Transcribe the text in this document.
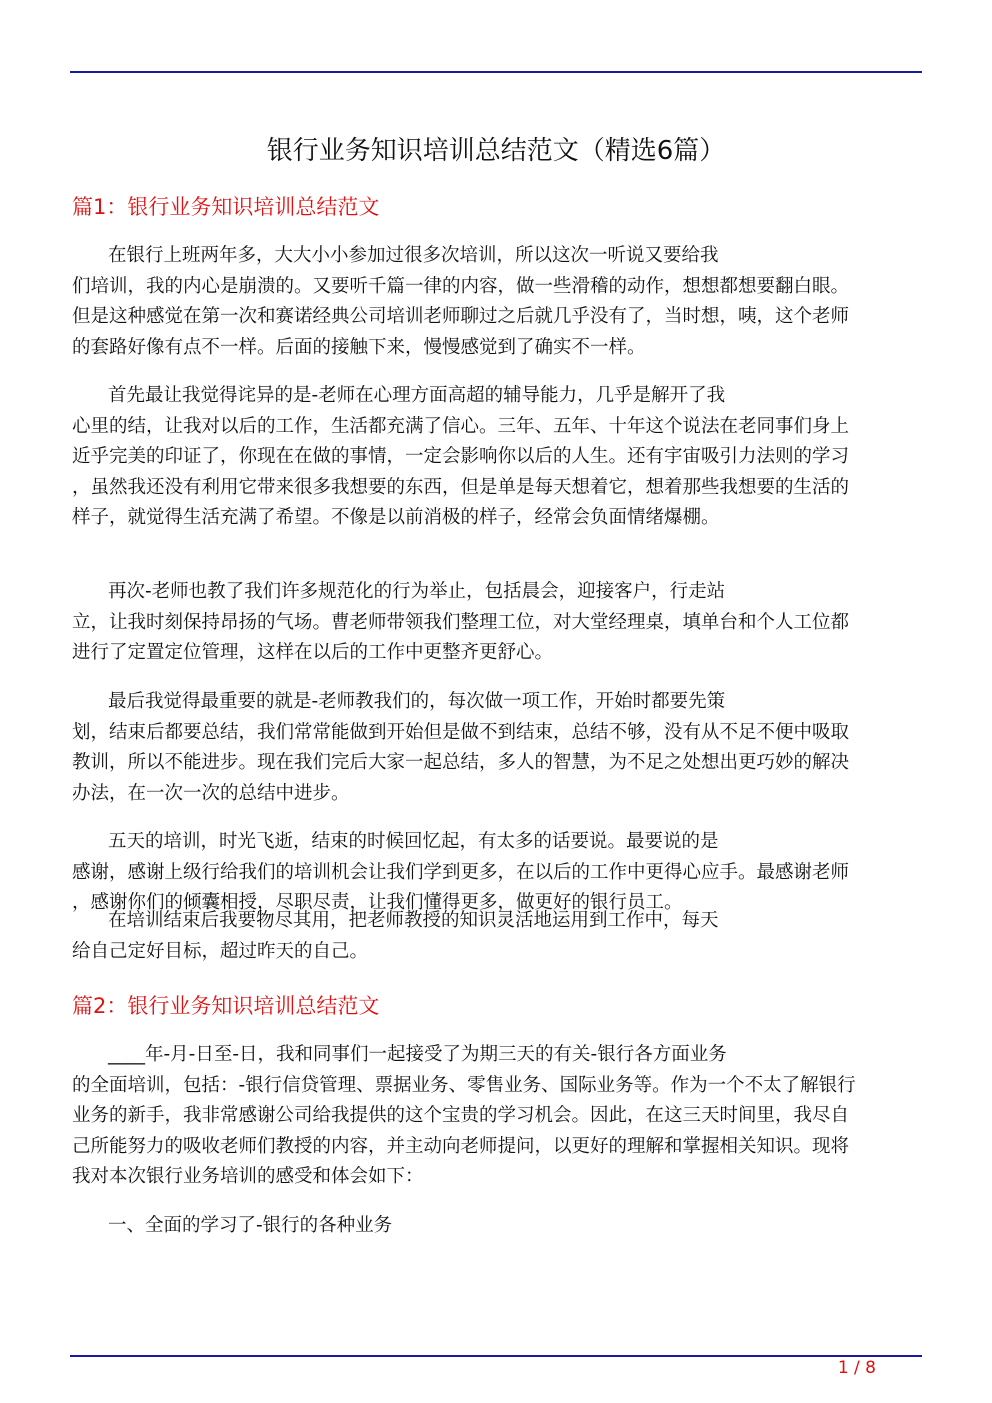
银行业务知识培训总结范文（精选6篇）
篇1：银行业务知识培训总结范文
在银行上班两年多，大大小小参加过很多次培训，所以这次一听说又要给我
们培训，我的内心是崩溃的。又要听千篇一律的内容，做一些滑稽的动作，想想都想要翻白眼。
但是这种感觉在第一次和赛诺经典公司培训老师聊过之后就几乎没有了，当时想，咦，这个老师
的套路好像有点不一样。后面的接触下来，慢慢感觉到了确实不一样。
首先最让我觉得诧异的是-老师在心理方面高超的辅导能力，几乎是解开了我
心里的结，让我对以后的工作，生活都充满了信心。三年、五年、十年这个说法在老同事们身上
近乎完美的印证了，你现在在做的事情，一定会影响你以后的人生。还有宇宙吸引力法则的学习
，虽然我还没有利用它带来很多我想要的东西，但是单是每天想着它，想着那些我想要的生活的
样子，就觉得生活充满了希望。不像是以前消极的样子，经常会负面情绪爆棚。
再次-老师也教了我们许多规范化的行为举止，包括晨会，迎接客户，行走站
立，让我时刻保持昂扬的气场。曹老师带领我们整理工位，对大堂经理桌，填单台和个人工位都
进行了定置定位管理，这样在以后的工作中更整齐更舒心。
最后我觉得最重要的就是-老师教我们的，每次做一项工作，开始时都要先策
划，结束后都要总结，我们常常能做到开始但是做不到结束，总结不够，没有从不足不便中吸取
教训，所以不能进步。现在我们完后大家一起总结，多人的智慧，为不足之处想出更巧妙的解决
办法，在一次一次的总结中进步。
五天的培训，时光飞逝，结束的时候回忆起，有太多的话要说。最要说的是
感谢，感谢上级行给我们的培训机会让我们学到更多，在以后的工作中更得心应手。最感谢老师
，感谢你们的倾囊相授，尽职尽责，让我们懂得更多，做更好的银行员工。
在培训结束后我要物尽其用，把老师教授的知识灵活地运用到工作中，每天
给自己定好目标，超过昨天的自己。
篇2：银行业务知识培训总结范文
____年-月-日至-日，我和同事们一起接受了为期三天的有关-银行各方面业务
的全面培训，包括：-银行信贷管理、票据业务、零售业务、国际业务等。作为一个不太了解银行
业务的新手，我非常感谢公司给我提供的这个宝贵的学习机会。因此，在这三天时间里，我尽自
己所能努力的吸收老师们教授的内容，并主动向老师提问，以更好的理解和掌握相关知识。现将
我对本次银行业务培训的感受和体会如下：
一、全面的学习了-银行的各种业务
1 / 8
